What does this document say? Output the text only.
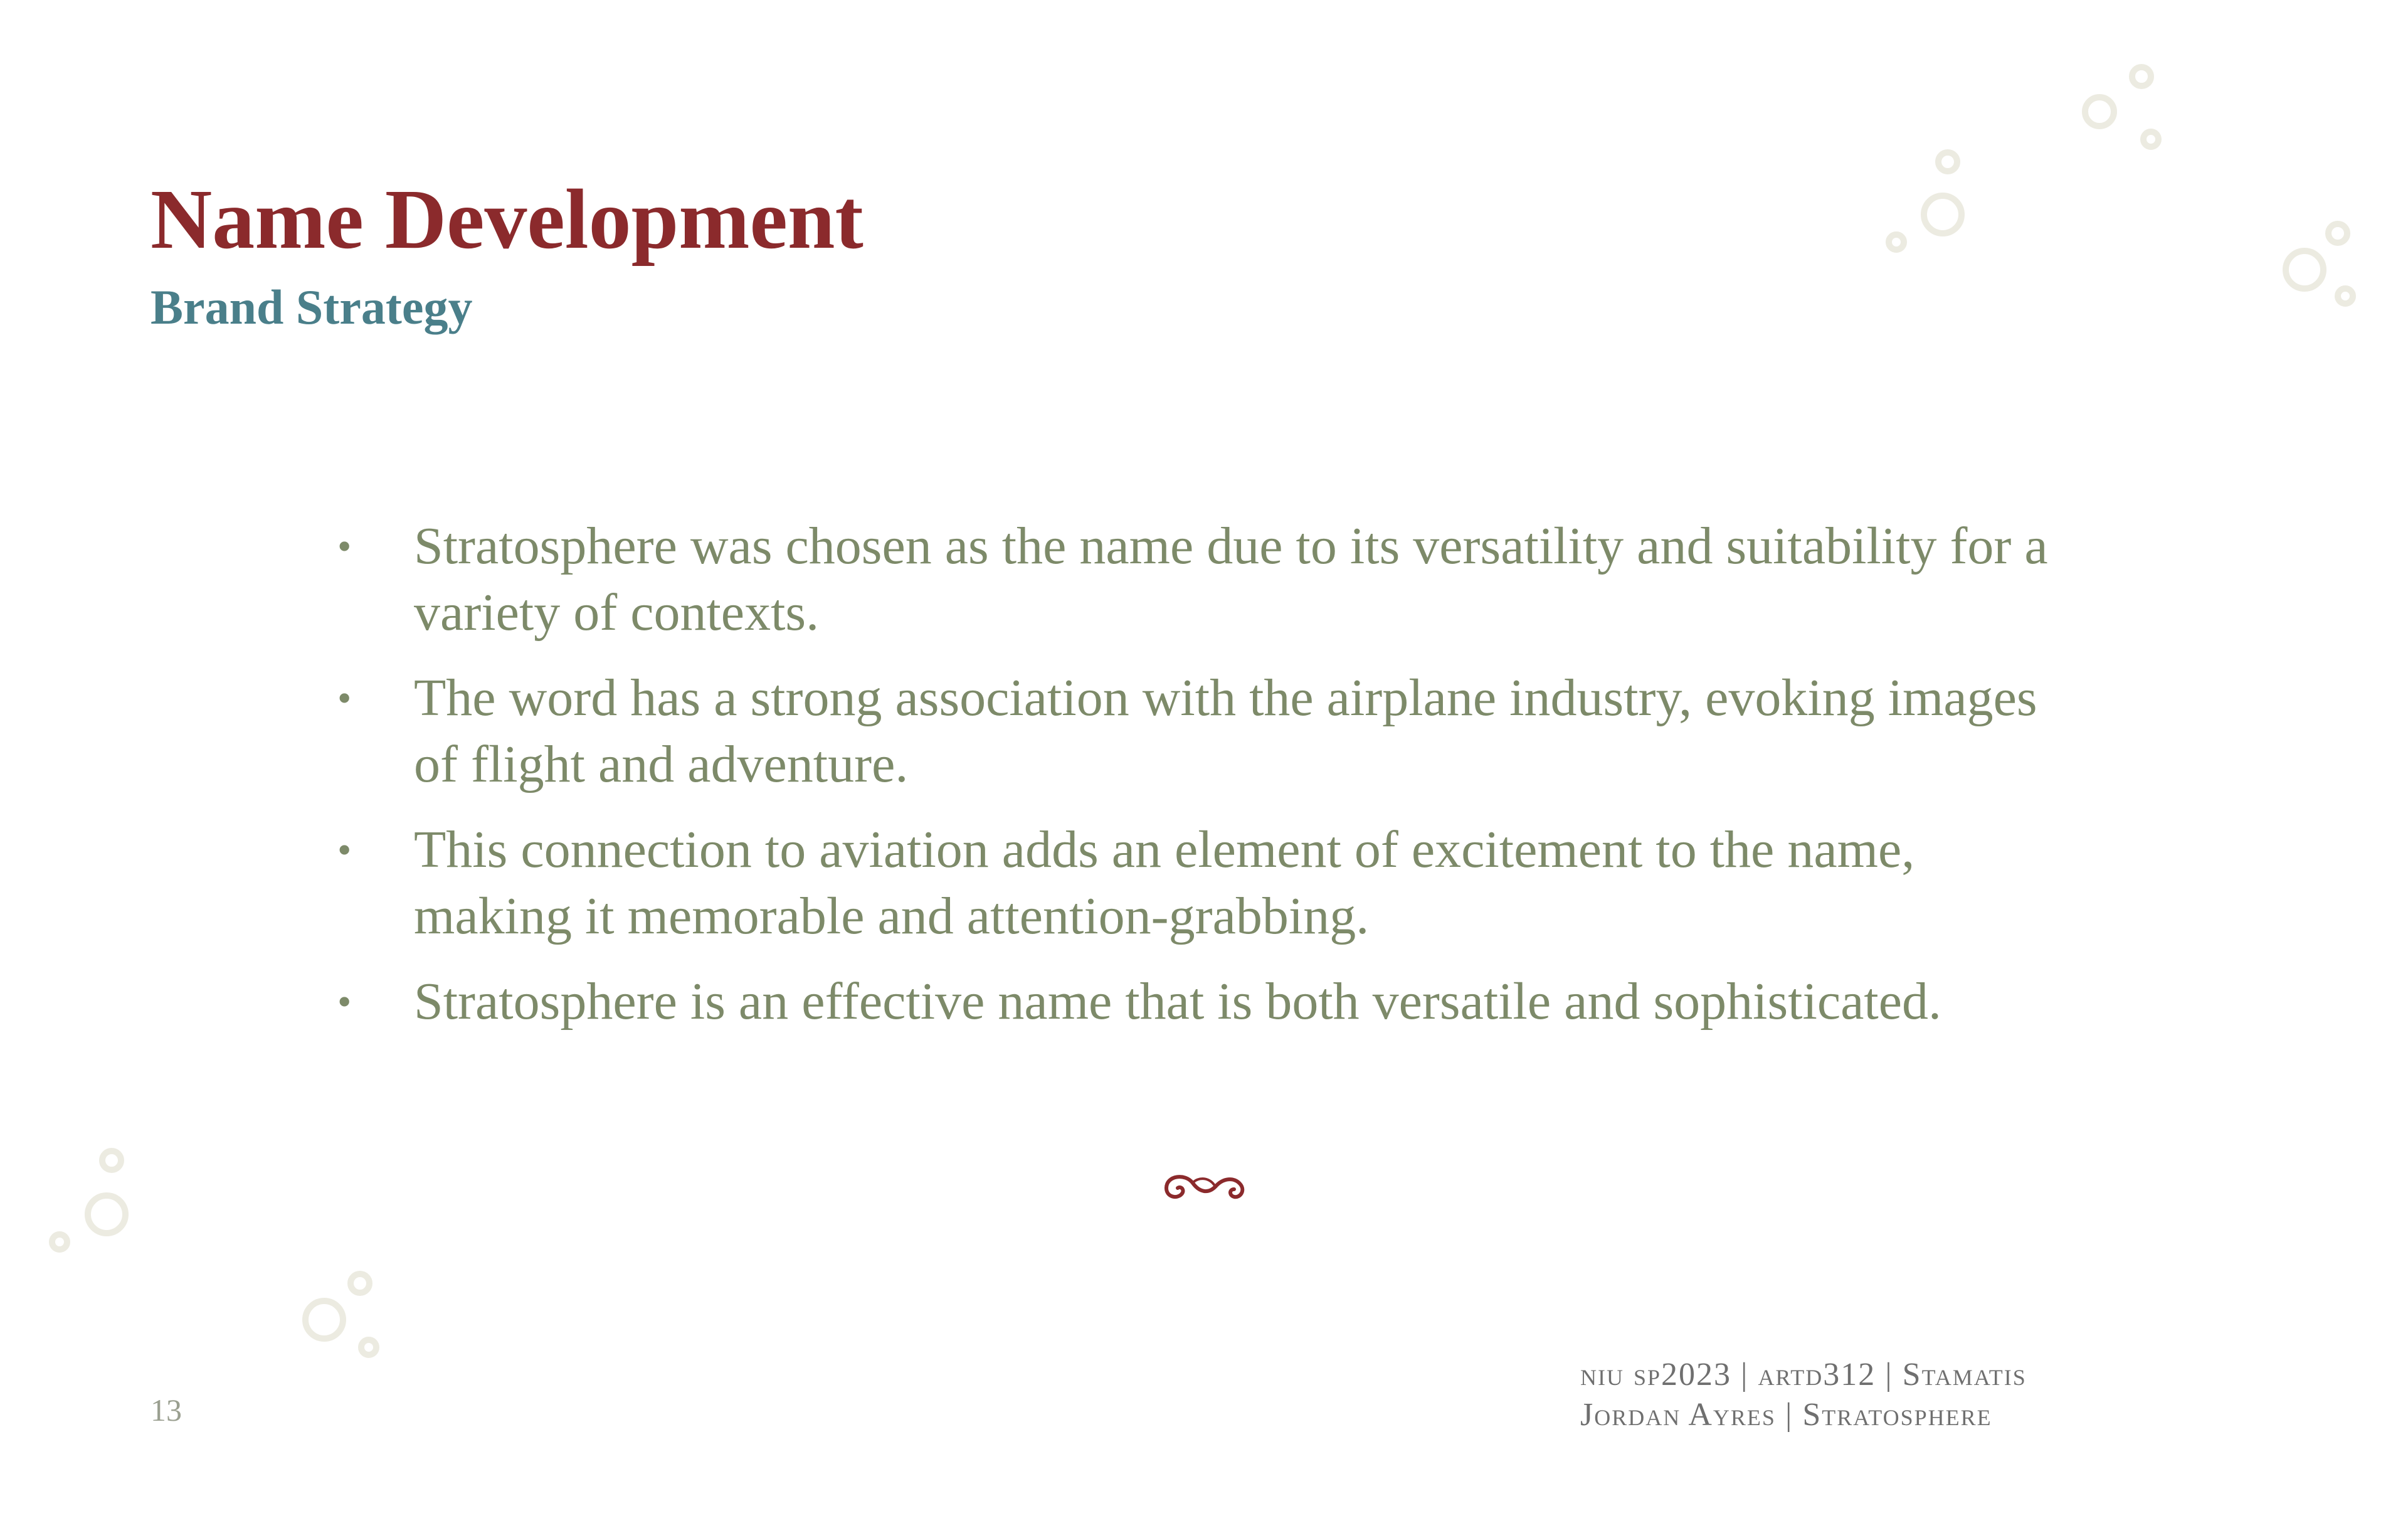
Name Development
Brand Strategy
• Stratosphere was chosen as the name due to its versatility and suitability for a variety of contexts.
• The word has a strong association with the airplane industry, evoking images of flight and adventure.
• This connection to aviation adds an element of excitement to the name, making it memorable and attention-grabbing.
• Stratosphere is an effective name that is both versatile and sophisticated.
13
niu sp2023 | artd312 | Stamatis
Jordan Ayres | Stratosphere
